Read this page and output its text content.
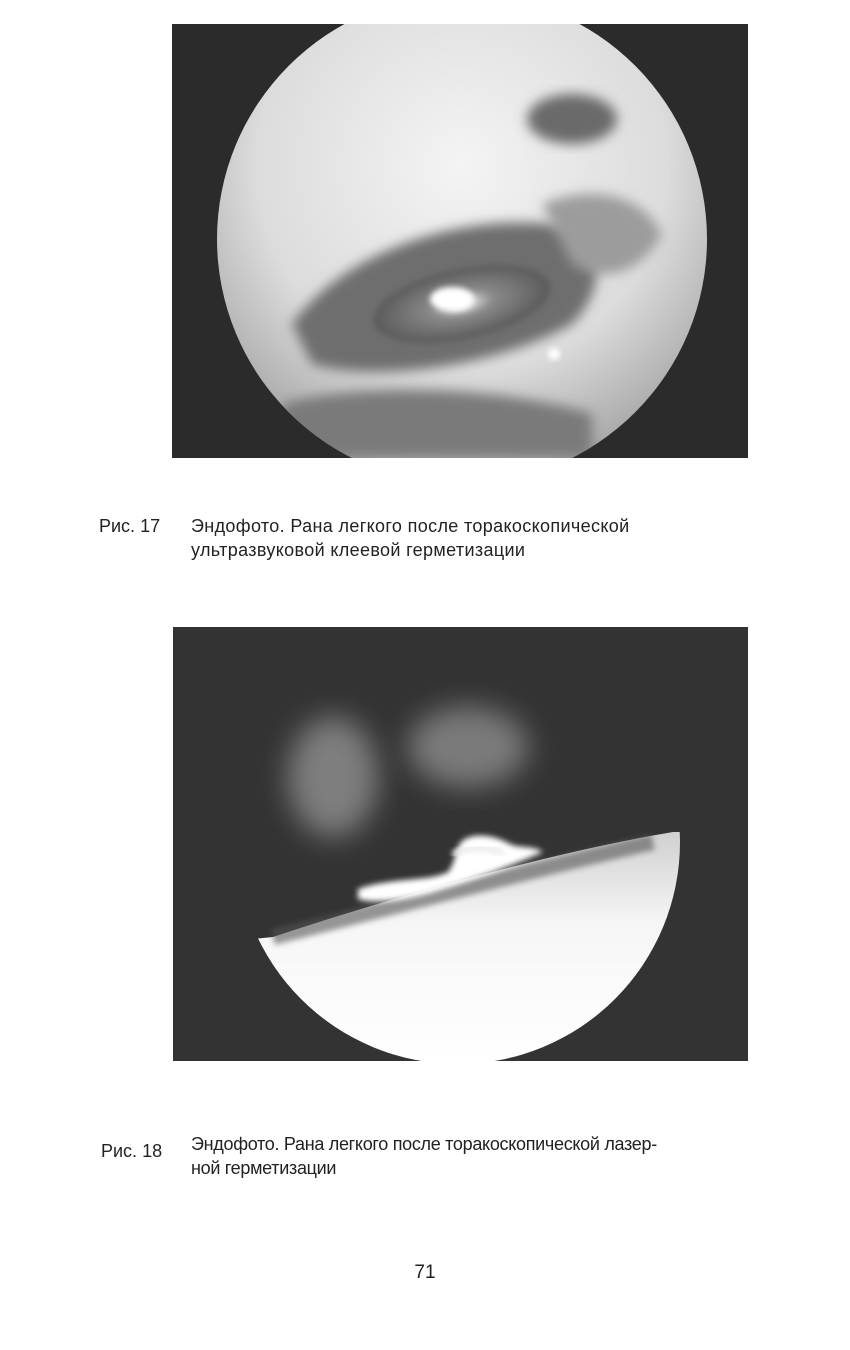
Рис. 17 Эндофото. Рана легкого после торакоскопической
ультразвуковой клеевой герметизации
Рис. 18 Эндофото. Рана легкого после торакоскопической лазер-
ной герметизации
71
